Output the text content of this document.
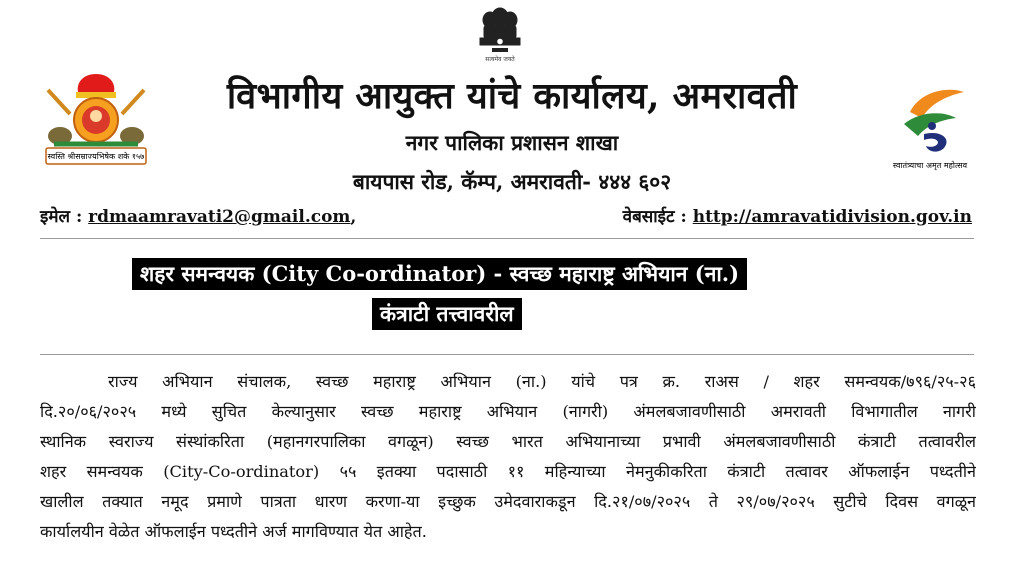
सत्यमेव जयते
स्वस्ति श्रीसम्राज्यभिषेक शके १५७
स्वातंत्र्याचा अमृत महोत्सव
विभागीय आयुक्त यांचे कार्यालय, अमरावती
नगर पालिका प्रशासन शाखा
बायपास रोड, कॅम्प, अमरावती- ४४४ ६०२
इमेल : rdmaamravati2@gmail.com,	वेबसाईट : http://amravatidivision.gov.in
शहर समन्वयक (City Co-ordinator) - स्वच्छ महाराष्ट्र अभियान (ना.)
कंत्राटी तत्त्वावरील
राज्य अभियान संचालक, स्वच्छ महाराष्ट्र अभियान (ना.) यांचे पत्र क्र. राअस / शहर समन्वयक/७९६/२५-२६
दि.२०/०६/२०२५ मध्ये सुचित केल्यानुसार स्वच्छ महाराष्ट्र अभियान (नागरी) अंमलबजावणीसाठी अमरावती विभागातील नागरी
स्थानिक स्वराज्य संस्थांकरिता (महानगरपालिका वगळून) स्वच्छ भारत अभियानाच्या प्रभावी अंमलबजावणीसाठी कंत्राटी तत्वावरील
शहर समन्वयक (City-Co-ordinator) ५५ इतक्या पदासाठी ११ महिन्याच्या नेमनुकीकरिता कंत्राटी तत्वावर ऑफलाईन पध्दतीने
खालील तक्यात नमूद प्रमाणे पात्रता धारण करणा-या इच्छुक उमेदवाराकडून दि.२१/०७/२०२५ ते २९/०७/२०२५ सुटीचे दिवस वगळून
कार्यालयीन वेळेत ऑफलाईन पध्दतीने अर्ज मागविण्यात येत आहेत.
